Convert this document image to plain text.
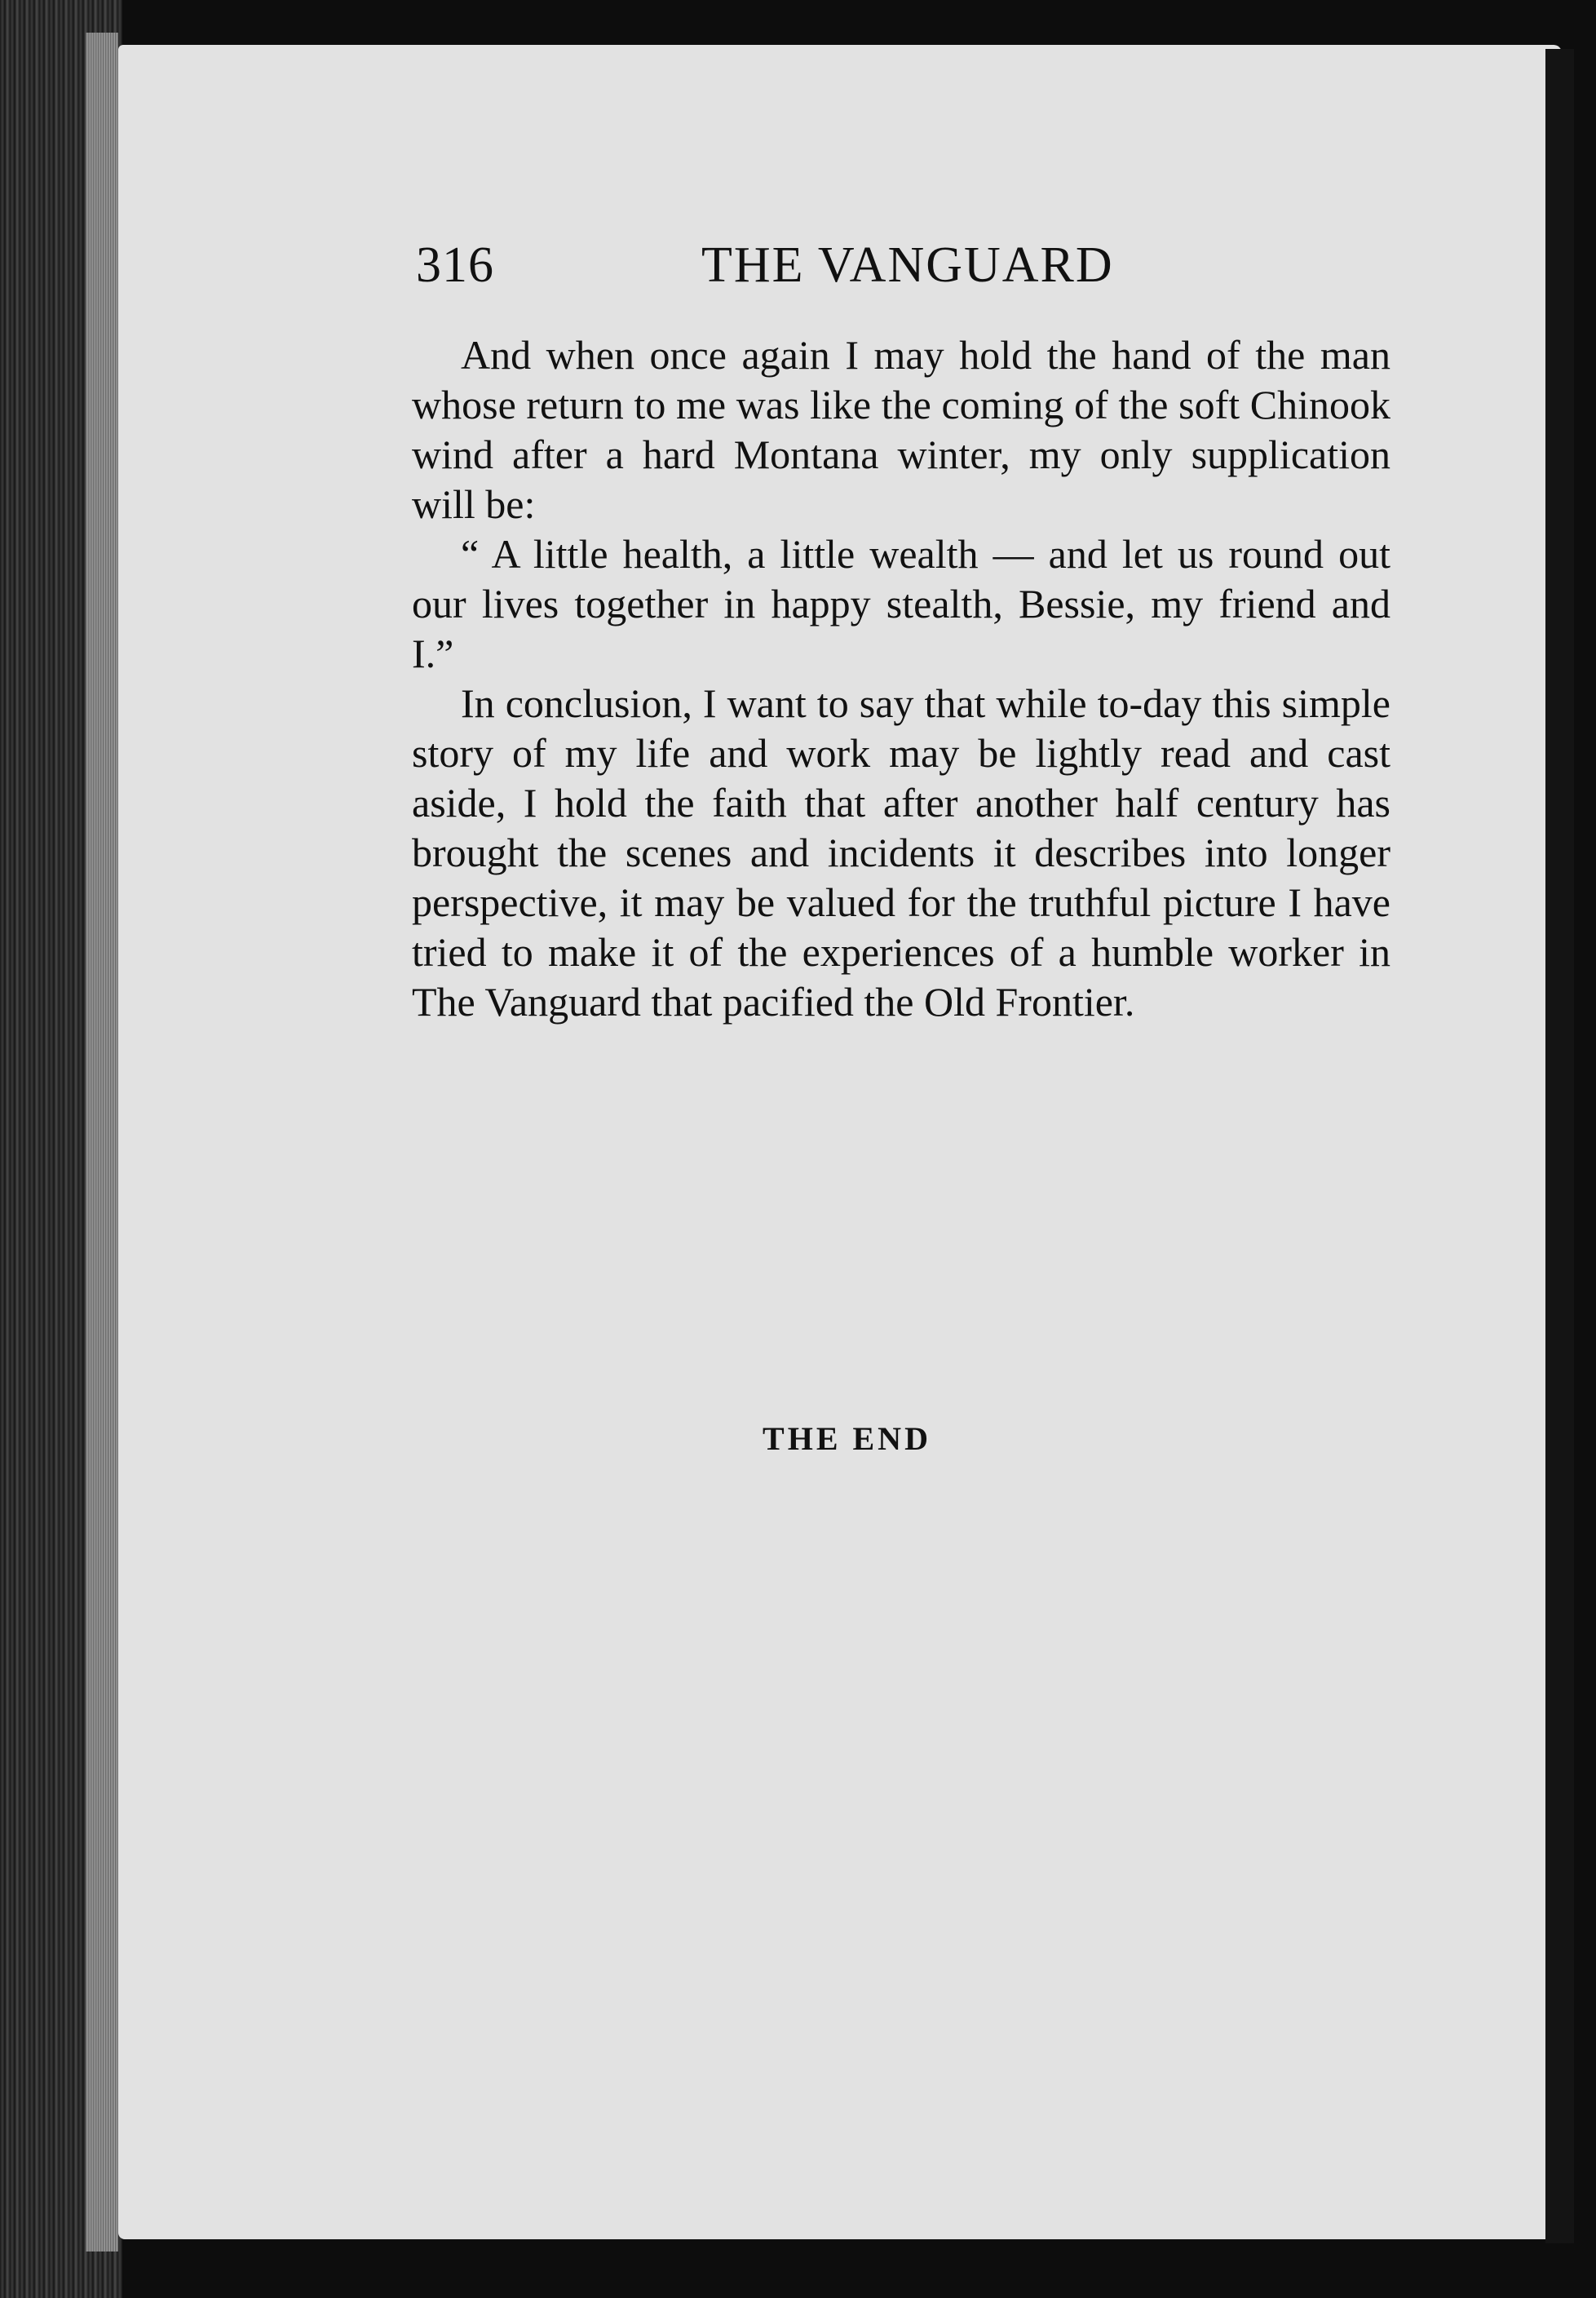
316	THE VANGUARD

And when once again I may hold the hand of the man whose return to me was like the coming of the soft Chinook wind after a hard Montana winter, my only supplication will be:

“ A little health, a little wealth — and let us round out our lives together in happy stealth, Bessie, my friend and I.”

In conclusion, I want to say that while to-day this simple story of my life and work may be lightly read and cast aside, I hold the faith that after another half century has brought the scenes and incidents it describes into longer perspective, it may be valued for the truthful picture I have tried to make it of the experiences of a humble worker in The Vanguard that pacified the Old Frontier.

THE END
